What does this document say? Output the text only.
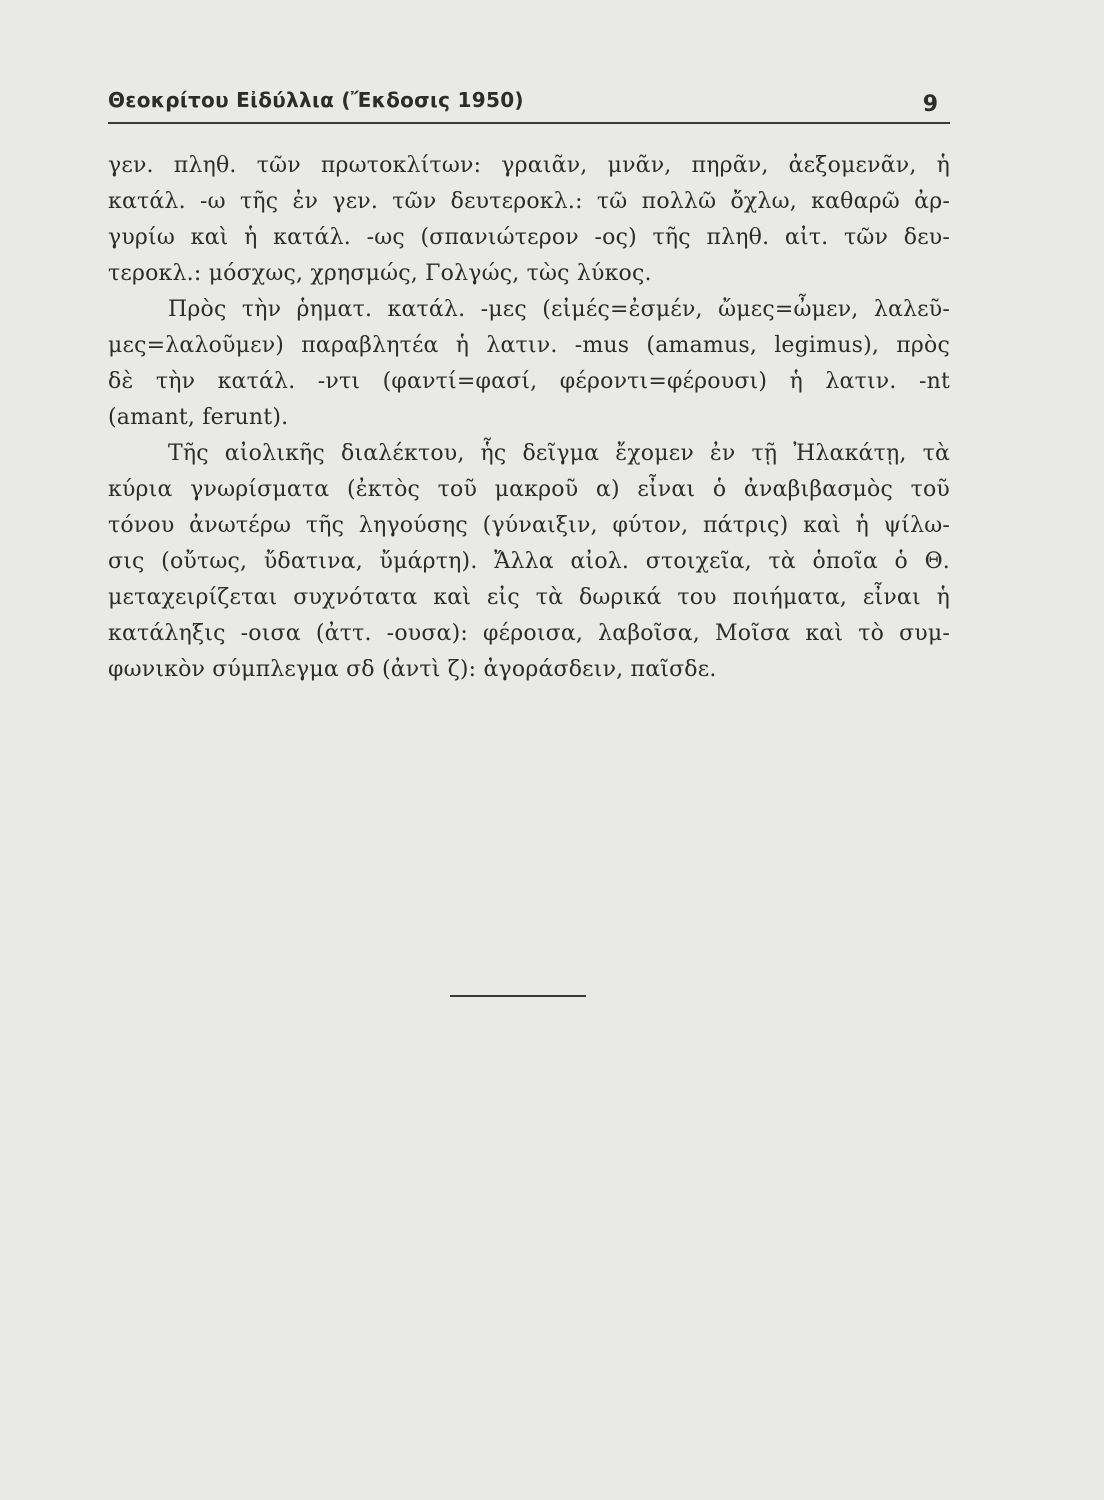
Θεοκρίτου Εἰδύλλια (Ἔκδοσις 1950)	9
γεν. πληθ. τῶν πρωτοκλίτων: γραιᾶν, μνᾶν, πηρᾶν, ἀεξομενᾶν, ἡ
κατάλ. -ω τῆς ἐν γεν. τῶν δευτεροκλ.: τῶ πολλῶ ὄχλω, καθαρῶ ἀρ-
γυρίω καὶ ἡ κατάλ. -ως (σπανιώτερον -ος) τῆς πληθ. αἰτ. τῶν δευ-
τεροκλ.: μόσχως, χρησμώς, Γολγώς, τὼς λύκος.
Πρὸς τὴν ῥηματ. κατάλ. -μες (εἰμές=ἐσμέν, ὤμες=ὦμεν, λαλεῦ-
μες=λαλοῦμεν) παραβλητέα ἡ λατιν. -mus (amamus, legimus), πρὸς
δὲ τὴν κατάλ. -ντι (φαντί=φασί, φέροντι=φέρουσι) ἡ λατιν. -nt
(amant, ferunt).
Τῆς αἰολικῆς διαλέκτου, ἧς δεῖγμα ἔχομεν ἐν τῇ Ἠλακάτῃ, τὰ
κύρια γνωρίσματα (ἐκτὸς τοῦ μακροῦ α) εἶναι ὁ ἀναβιβασμὸς τοῦ
τόνου ἀνωτέρω τῆς ληγούσης (γύναιξιν, φύτον, πάτρις) καὶ ἡ ψίλω-
σις (οὔτως, ὔδατινα, ὔμάρτη). Ἄλλα αἰολ. στοιχεῖα, τὰ ὁποῖα ὁ Θ.
μεταχειρίζεται συχνότατα καὶ εἰς τὰ δωρικά του ποιήματα, εἶναι ἡ
κατάληξις -οισα (ἀττ. -ουσα): φέροισα, λαβοῖσα, Μοῖσα καὶ τὸ συμ-
φωνικὸν σύμπλεγμα σδ (ἀντὶ ζ): ἀγοράσδειν, παῖσδε.
